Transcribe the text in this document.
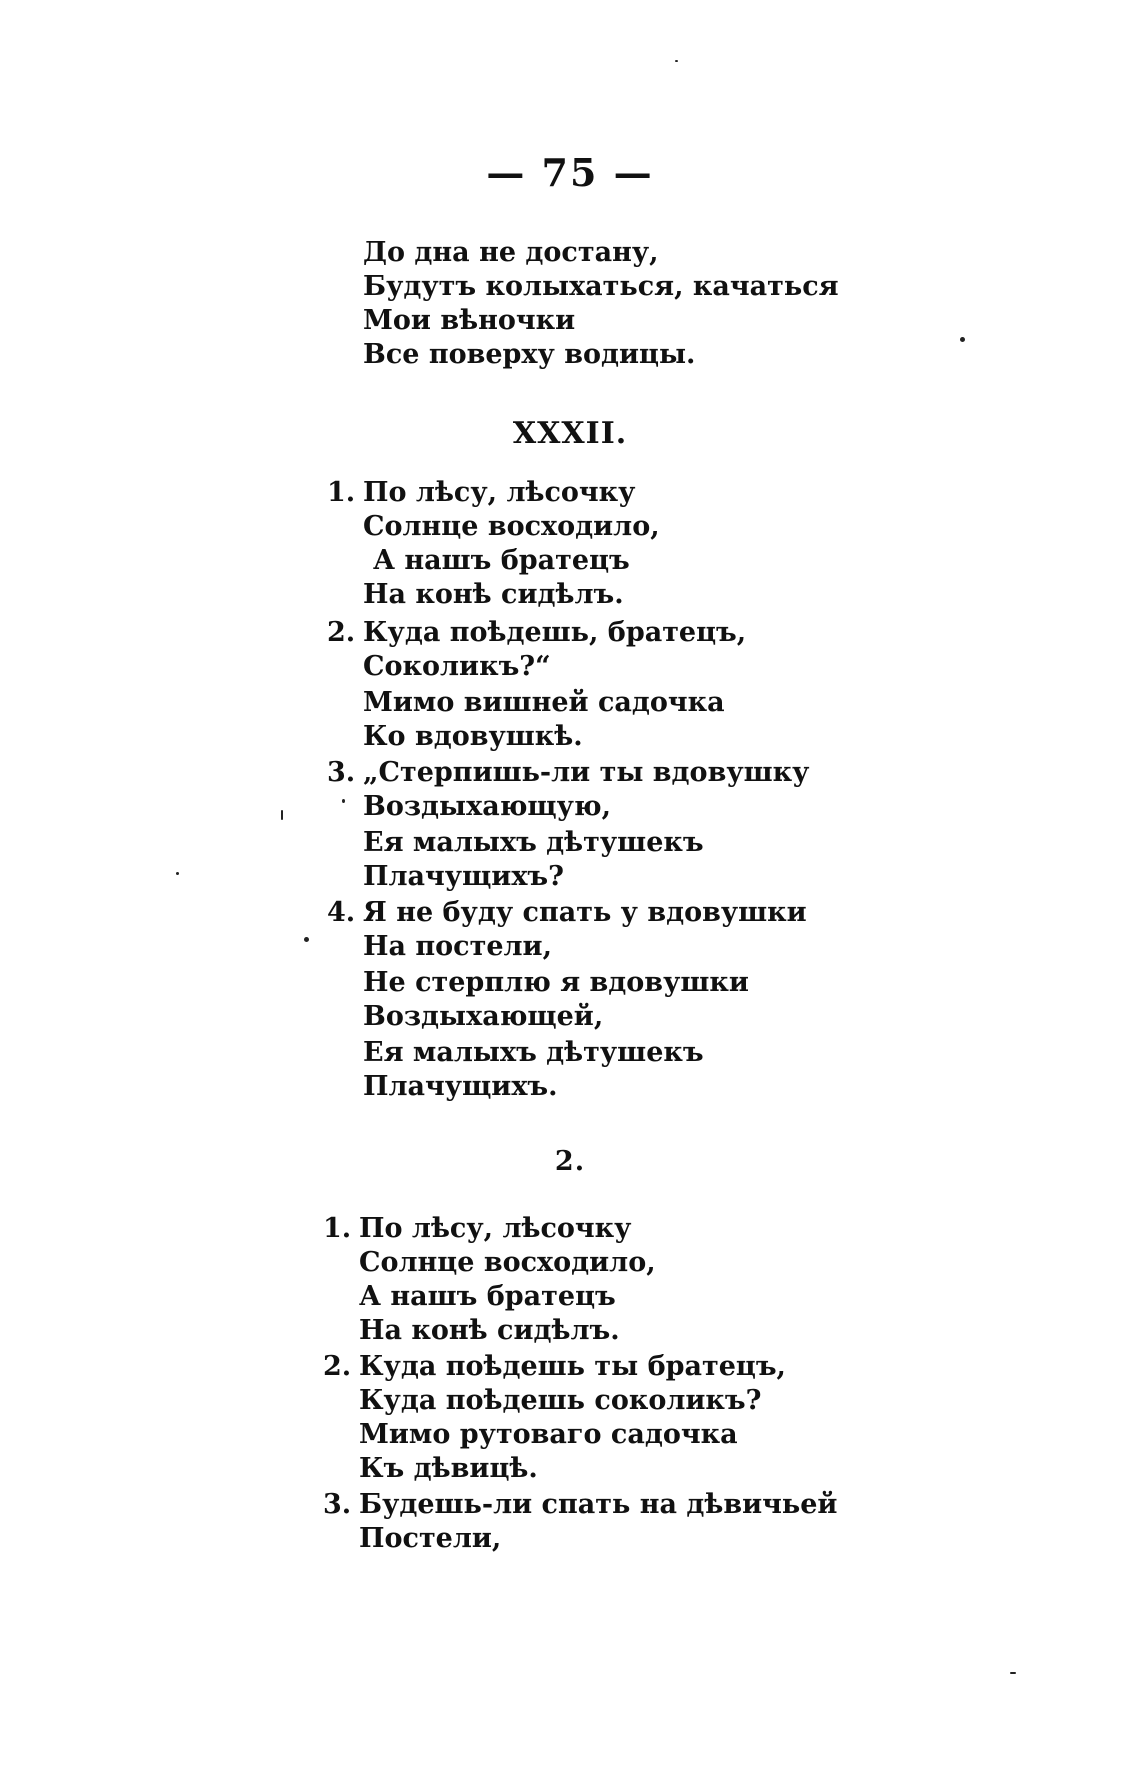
— 75 —
До дна не достану,
Будутъ колыхаться, качаться
Мои вѣночки
Все поверху водицы.
XXXII.
1. По лѣсу, лѣсочку
Солнце восходило,
А нашъ братецъ
На конѣ сидѣлъ.
2. Куда поѣдешь, братецъ,
Соколикъ?“
Мимо вишней садочка
Ко вдовушкѣ.
3. „Стерпишь-ли ты вдовушку
Воздыхающую,
Ея малыхъ дѣтушекъ
Плачущихъ?
4. Я не буду спать у вдовушки
На постели,
Не стерплю я вдовушки
Воздыхающей,
Ея малыхъ дѣтушекъ
Плачущихъ.
2.
1. По лѣсу, лѣсочку
Солнце восходило,
А нашъ братецъ
На конѣ сидѣлъ.
2. Куда поѣдешь ты братецъ,
Куда поѣдешь соколикъ?
Мимо рутоваго садочка
Къ дѣвицѣ.
3. Будешь-ли спать на дѣвичьей
Постели,
